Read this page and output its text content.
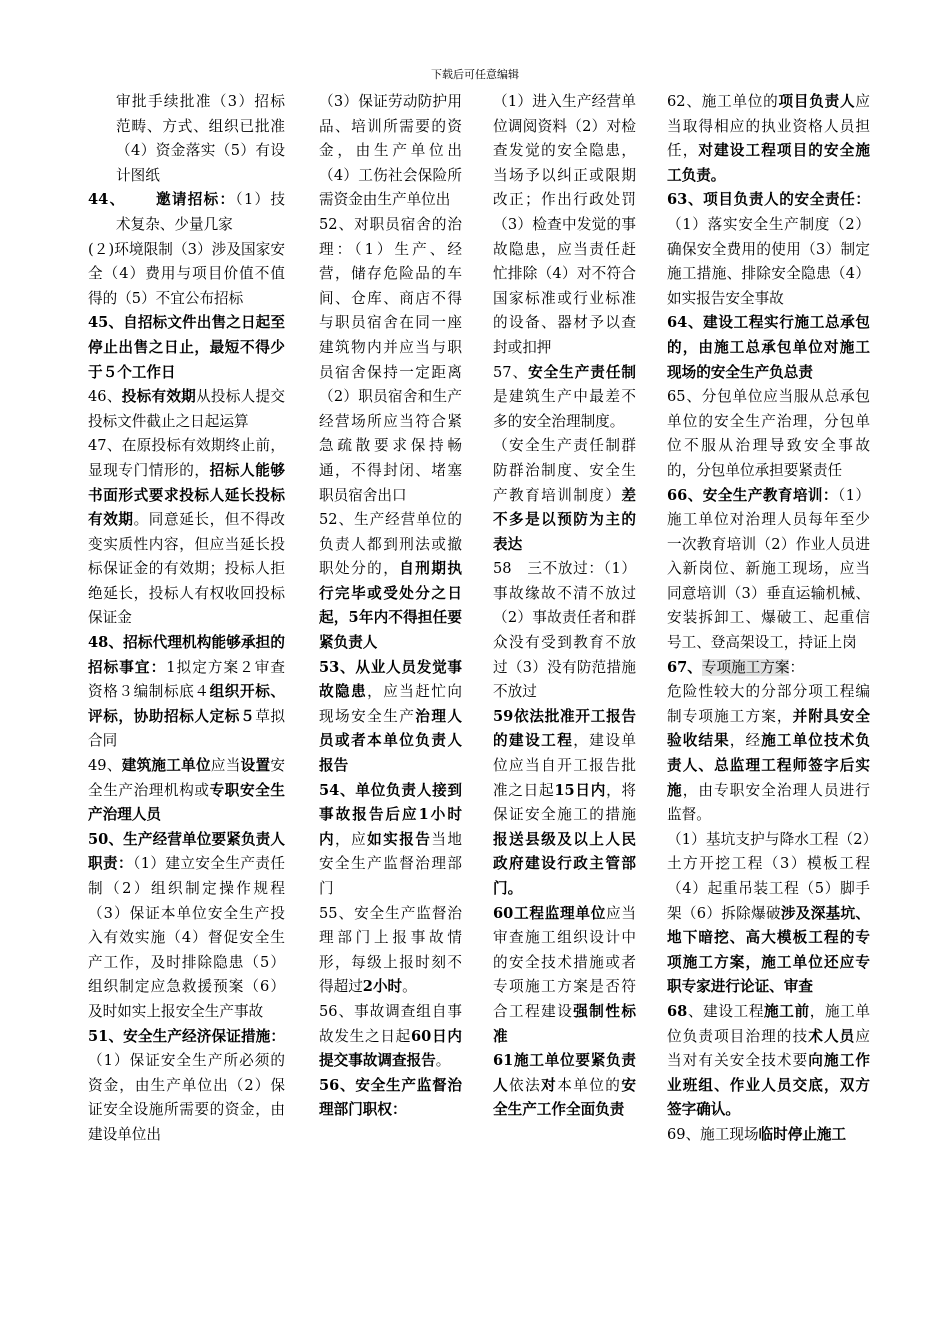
下载后可任意编辑

审批手续批准（3）招标范畴、方式、组织已批准（4）资金落实（5）有设计图纸

44、   邀请招标：（1）技术复杂、少量几家

(２)环境限制（3）涉及国家安全（4）费用与项目价值不值得的（5）不宜公布招标

45、自招标文件出售之日起至停止出售之日止，最短不得少于５个工作日

46、投标有效期从投标人提交投标文件截止之日起运算

47、在原投标有效期终止前，显现专门情形的，招标人能够书面形式要求投标人延长投标有效期。同意延长，但不得改变实质性内容，但应当延长投标保证金的有效期；投标人拒绝延长，投标人有权收回投标保证金

48、招标代理机构能够承担的招标事宜：1拟定方案２审查资格３编制标底４组织开标、评标，协助招标人定标５草拟合同

49、建筑施工单位应当设置安全生产治理机构或专职安全生产治理人员

50、生产经营单位要紧负责人职责：（1）建立安全生产责任制（2）组织制定操作规程（3）保证本单位安全生产投入有效实施（4）督促安全生产工作，及时排除隐患（5）组织制定应急救援预案（6）及时如实上报安全生产事故

51、安全生产经济保证措施：（1）保证安全生产所必须的资金，由生产单位出（2）保证安全设施所需要的资金，由建设单位出

（3）保证劳动防护用品、培训所需要的资金，由生产单位出（4）工伤社会保险所需资金由生产单位出

52、对职员宿舍的治理：（1）生产、经营，储存危险品的车间、仓库、商店不得与职员宿舍在同一座建筑物内并应当与职员宿舍保持一定距离（2）职员宿舍和生产经营场所应当符合紧急疏散要求保持畅通，不得封闭、堵塞职员宿舍出口

52、生产经营单位的负责人都到刑法或撤职处分的，自刑期执行完毕或受处分之日起，5年内不得担任要紧负责人

53、从业人员发觉事故隐患，应当赶忙向现场安全生产治理人员或者本单位负责人报告

54、单位负责人接到事故报告后应1小时内，应如实报告当地安全生产监督治理部门

55、安全生产监督治理部门上报事故情形，每级上报时刻不得超过2小时。

56、事故调查组自事故发生之日起60日内提交事故调查报告。

56、安全生产监督治理部门职权：

（1）进入生产经营单位调阅资料（2）对检查发觉的安全隐患，当场予以纠正或限期改正；作出行政处罚（3）检查中发觉的事故隐患，应当责任赶忙排除（4）对不符合国家标准或行业标准的设备、器材予以查封或扣押

57、安全生产责任制是建筑生产中最差不多的安全治理制度。

（安全生产责任制群防群治制度、安全生产教育培训制度）差不多是以预防为主的表达

58　三不放过：（1）事故缘故不清不放过（2）事故责任者和群众没有受到教育不放过（3）没有防范措施不放过

59依法批准开工报告的建设工程，建设单位应当自开工报告批准之日起15日内，将保证安全施工的措施报送县级及以上人民政府建设行政主管部门。

60工程监理单位应当审查施工组织设计中的安全技术措施或者专项施工方案是否符合工程建设强制性标准

61施工单位要紧负责人依法对本单位的安全生产工作全面负责

62、施工单位的项目负责人应当取得相应的执业资格人员担任，对建设工程项目的安全施工负责。

63、项目负责人的安全责任：（1）落实安全生产制度（2）确保安全费用的使用（3）制定施工措施、排除安全隐患（4）如实报告安全事故

64、建设工程实行施工总承包的，由施工总承包单位对施工现场的安全生产负总责

65、分包单位应当服从总承包单位的安全生产治理，分包单位不服从治理导致安全事故的，分包单位承担要紧责任

66、安全生产教育培训：（1）施工单位对治理人员每年至少一次教育培训（2）作业人员进入新岗位、新施工现场，应当同意培训（3）垂直运输机械、安装拆卸工、爆破工、起重信号工、登高架设工，持证上岗

67、专项施工方案：

危险性较大的分部分项工程编制专项施工方案，并附具安全验收结果，经施工单位技术负责人、总监理工程师签字后实施，由专职安全治理人员进行监督。

（1）基坑支护与降水工程（2）土方开挖工程（3）模板工程（4）起重吊装工程（5）脚手架（6）拆除爆破涉及深基坑、地下暗挖、高大模板工程的专项施工方案，施工单位还应专职专家进行论证、审查

68、建设工程施工前，施工单位负责项目治理的技术人员应当对有关安全技术要向施工作业班组、作业人员交底，双方签字确认。

69、施工现场临时停止施工
